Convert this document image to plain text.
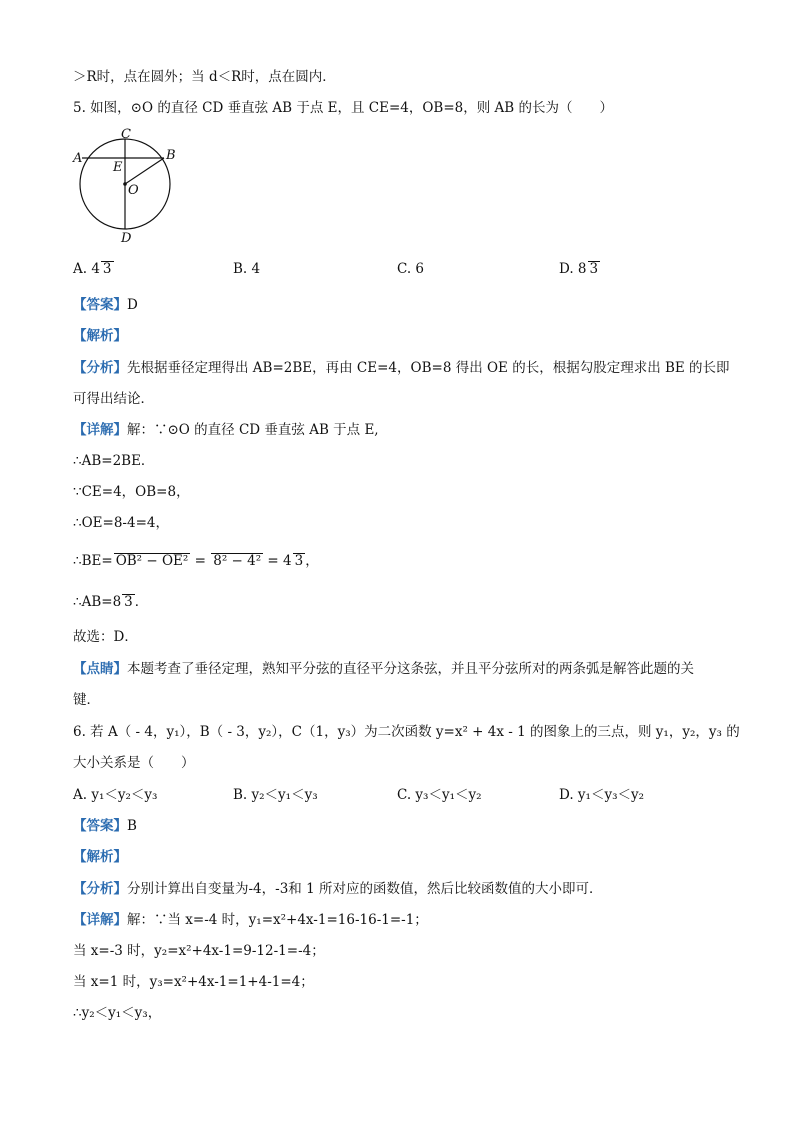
＞R时，点在圆外；当 d＜R时，点在圆内．
5. 如图，⊙O 的直径 CD 垂直弦 AB 于点 E，且 CE=4，OB=8，则 AB 的长为（　　）
C
A	B
E
O
D
A. 4 3	B. 4	C. 6	D. 8 3
【答案】D
【解析】
【分析】先根据垂径定理得出 AB=2BE，再由 CE=4，OB=8 得出 OE 的长，根据勾股定理求出 BE 的长即
可得出结论．
【详解】解：∵⊙O 的直径 CD 垂直弦 AB 于点 E,
∴AB=2BE．
∵CE=4，OB=8，
∴OE=8-4=4，
∴BE= OB² − OE² = 8² − 4² = 4 3 ，
∴AB=8 3 ．
故选：D．
【点睛】本题考查了垂径定理，熟知平分弦的直径平分这条弦，并且平分弦所对的两条弧是解答此题的关
键．
6. 若 A（ - 4，y₁），B（ - 3，y₂），C（1，y₃）为二次函数 y=x² + 4x - 1 的图象上的三点，则 y₁，y₂，y₃ 的
大小关系是（　　）
A. y₁＜y₂＜y₃	B. y₂＜y₁＜y₃	C. y₃＜y₁＜y₂	D. y₁＜y₃＜y₂
【答案】B
【解析】
【分析】分别计算出自变量为-4，-3和 1 所对应的函数值，然后比较函数值的大小即可．
【详解】解：∵当 x=-4 时，y₁=x²+4x-1=16-16-1=-1；
当 x=-3 时，y₂=x²+4x-1=9-12-1=-4；
当 x=1 时，y₃=x²+4x-1=1+4-1=4；
∴y₂＜y₁＜y₃，
